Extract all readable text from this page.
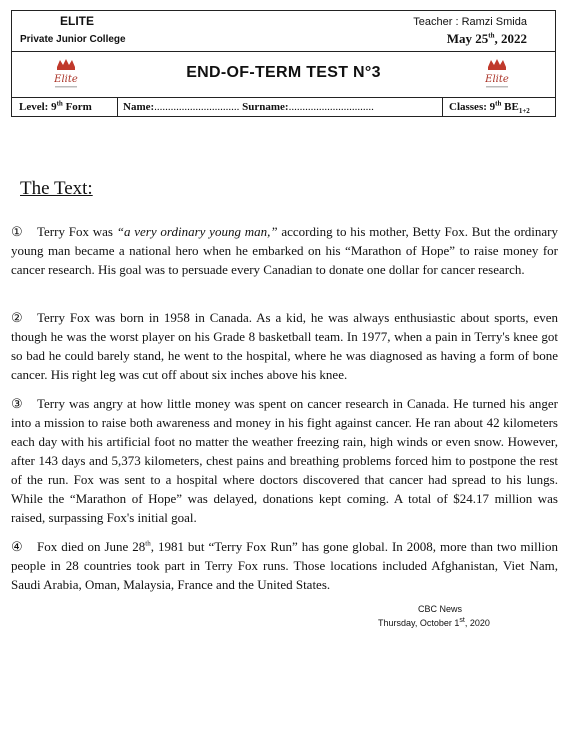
ELITE
Private Junior College
Teacher : Ramzi Smida
May 25th, 2022
Elite	END-OF-TERM TEST N°3	Elite
Level: 9th Form	Name:............................... Surname:...............................	Classes: 9th $BE_{1+2}$
The Text:

① Terry Fox was “a very ordinary young man,” according to his mother, Betty Fox. But the ordinary young man became a national hero when he embarked on his “Marathon of Hope” to raise money for cancer research. His goal was to persuade every Canadian to donate one dollar for cancer research.

② Terry Fox was born in 1958 in Canada. As a kid, he was always enthusiastic about sports, even though he was the worst player on his Grade 8 basketball team. In 1977, when a pain in Terry's knee got so bad he could barely stand, he went to the hospital, where he was diagnosed as having a form of bone cancer. His right leg was cut off about six inches above his knee.

③ Terry was angry at how little money was spent on cancer research in Canada. He turned his anger into a mission to raise both awareness and money in his fight against cancer. He ran about 42 kilometers each day with his artificial foot no matter the weather freezing rain, high winds or even snow. However, after 143 days and 5,373 kilometers, chest pains and breathing problems forced him to postpone the rest of the run. Fox was sent to a hospital where doctors discovered that cancer had spread to his lungs. While the “Marathon of Hope” was delayed, donations kept coming. A total of $24.17 million was raised, surpassing Fox's initial goal.

④ Fox died on June 28th, 1981 but “Terry Fox Run” has gone global. In 2008, more than two million people in 28 countries took part in Terry Fox runs. Those locations included Afghanistan, Viet Nam, Saudi Arabia, Oman, Malaysia, France and the United States.

CBC News
Thursday, October 1st, 2020
